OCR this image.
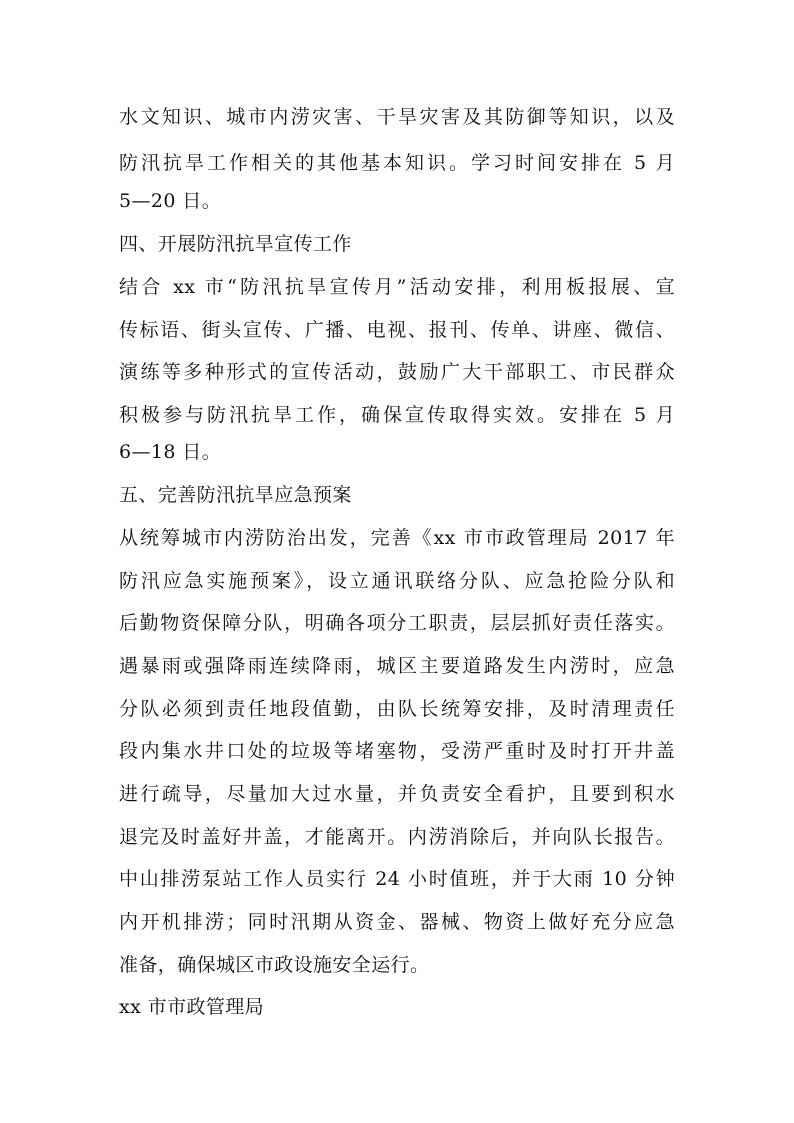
水文知识、城市内涝灾害、干旱灾害及其防御等知识，以及
防汛抗旱工作相关的其他基本知识。学习时间安排在 5 月
5—20 日。
四、开展防汛抗旱宣传工作
结合 xx 市“防汛抗旱宣传月”活动安排，利用板报展、宣
传标语、街头宣传、广播、电视、报刊、传单、讲座、微信、
演练等多种形式的宣传活动，鼓励广大干部职工、市民群众
积极参与防汛抗旱工作，确保宣传取得实效。安排在 5 月
6—18 日。
五、完善防汛抗旱应急预案
从统筹城市内涝防治出发，完善《xx 市市政管理局 2017 年
防汛应急实施预案》，设立通讯联络分队、应急抢险分队和
后勤物资保障分队，明确各项分工职责，层层抓好责任落实。
遇暴雨或强降雨连续降雨，城区主要道路发生内涝时，应急
分队必须到责任地段值勤，由队长统筹安排，及时清理责任
段内集水井口处的垃圾等堵塞物，受涝严重时及时打开井盖
进行疏导，尽量加大过水量，并负责安全看护，且要到积水
退完及时盖好井盖，才能离开。内涝消除后，并向队长报告。
中山排涝泵站工作人员实行 24 小时值班，并于大雨 10 分钟
内开机排涝；同时汛期从资金、器械、物资上做好充分应急
准备，确保城区市政设施安全运行。
xx 市市政管理局
